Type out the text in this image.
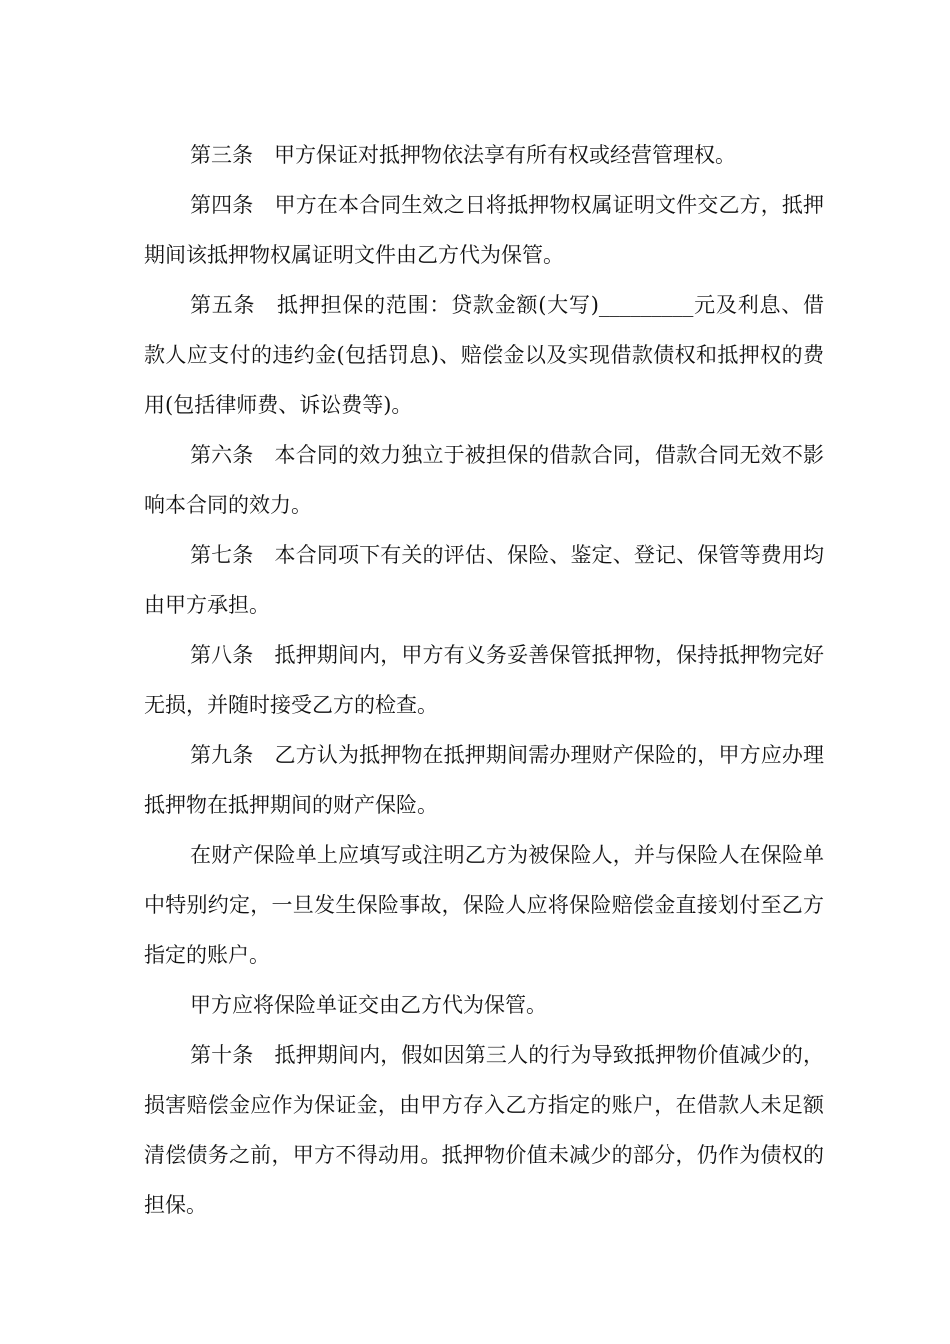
第三条　甲方保证对抵押物依法享有所有权或经营管理权。

第四条　甲方在本合同生效之日将抵押物权属证明文件交乙方，抵押期间该抵押物权属证明文件由乙方代为保管。

第五条　抵押担保的范围：贷款金额(大写)_________元及利息、借款人应支付的违约金(包括罚息)、赔偿金以及实现借款债权和抵押权的费用(包括律师费、诉讼费等)。

第六条　本合同的效力独立于被担保的借款合同，借款合同无效不影响本合同的效力。

第七条　本合同项下有关的评估、保险、鉴定、登记、保管等费用均由甲方承担。

第八条　抵押期间内，甲方有义务妥善保管抵押物，保持抵押物完好无损，并随时接受乙方的检查。

第九条　乙方认为抵押物在抵押期间需办理财产保险的，甲方应办理抵押物在抵押期间的财产保险。

在财产保险单上应填写或注明乙方为被保险人，并与保险人在保险单中特别约定，一旦发生保险事故，保险人应将保险赔偿金直接划付至乙方指定的账户。

甲方应将保险单证交由乙方代为保管。

第十条　抵押期间内，假如因第三人的行为导致抵押物价值减少的，损害赔偿金应作为保证金，由甲方存入乙方指定的账户，在借款人未足额清偿债务之前，甲方不得动用。抵押物价值未减少的部分，仍作为债权的担保。
